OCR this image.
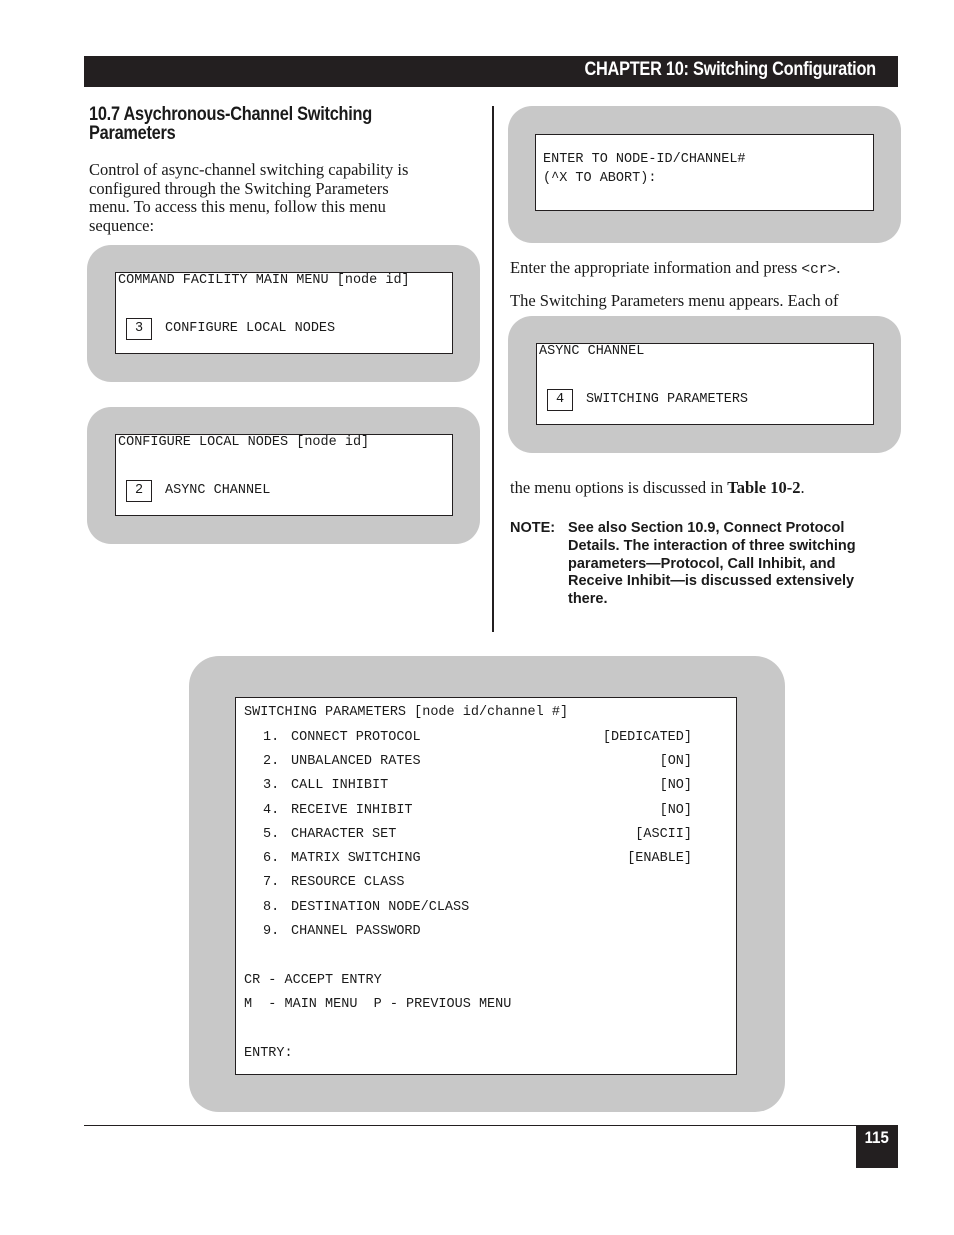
CHAPTER 10: Switching Configuration
10.7 Asychronous-Channel Switching
Parameters
Control of async-channel switching capability is
configured through the Switching Parameters
menu. To access this menu, follow this menu
sequence:
COMMAND FACILITY MAIN MENU [node id]
3	CONFIGURE LOCAL NODES
CONFIGURE LOCAL NODES [node id]
2	ASYNC CHANNEL
ENTER TO NODE-ID/CHANNEL#
(^X TO ABORT):
Enter the appropriate information and press <cr>.
The Switching Parameters menu appears. Each of
ASYNC CHANNEL
4	SWITCHING PARAMETERS
the menu options is discussed in Table 10-2.
NOTE: See also Section 10.9, Connect Protocol
Details. The interaction of three switching
parameters—Protocol, Call Inhibit, and
Receive Inhibit—is discussed extensively
there.
SWITCHING PARAMETERS [node id/channel #]
1. CONNECT PROTOCOL	[DEDICATED]
2. UNBALANCED RATES	[ON]
3. CALL INHIBIT	[NO]
4. RECEIVE INHIBIT	[NO]
5. CHARACTER SET	[ASCII]
6. MATRIX SWITCHING	[ENABLE]
7. RESOURCE CLASS
8. DESTINATION NODE/CLASS
9. CHANNEL PASSWORD
CR - ACCEPT ENTRY
M  - MAIN MENU  P - PREVIOUS MENU
ENTRY:
115
